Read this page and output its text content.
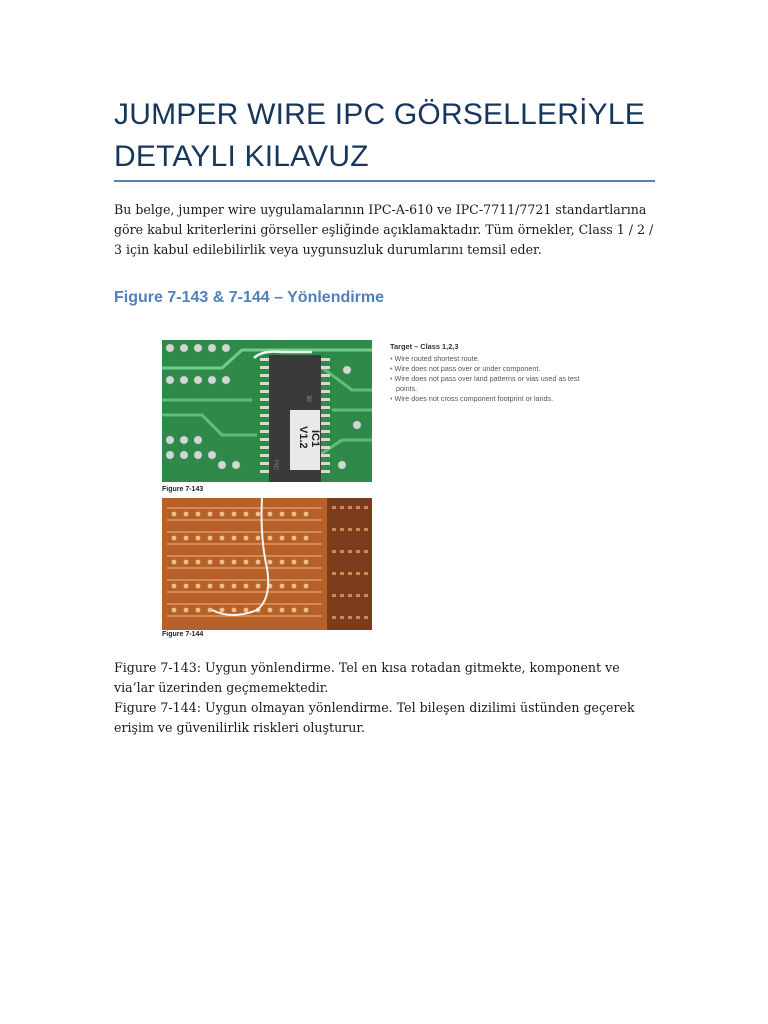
JUMPER WIRE IPC GÖRSELLERİYLE
DETAYLI KILAVUZ

Bu belge, jumper wire uygulamalarının IPC-A-610 ve IPC-7711/7721 standartlarına göre kabul kriterlerini görseller eşliğinde açıklamaktadır. Tüm örnekler, Class 1 / 2 / 3 için kabul edilebilirlik veya uygunsuzluk durumlarını temsil eder.

Figure 7-143 & 7-144 – Yönlendirme
IC1
V1.2
30
PIC
Figure 7-143
Figure 7-144

Target – Class 1,2,3

• Wire routed shortest route.
• Wire does not pass over or under component.
• Wire does not pass over land patterns or vias used as test
points.
• Wire does not cross component footprint or lands.

Figure 7-143: Uygun yönlendirme. Tel en kısa rotadan gitmekte, komponent ve via’lar üzerinden geçmemektedir.

Figure 7-144: Uygun olmayan yönlendirme. Tel bileşen dizilimi üstünden geçerek erişim ve güvenilirlik riskleri oluşturur.
